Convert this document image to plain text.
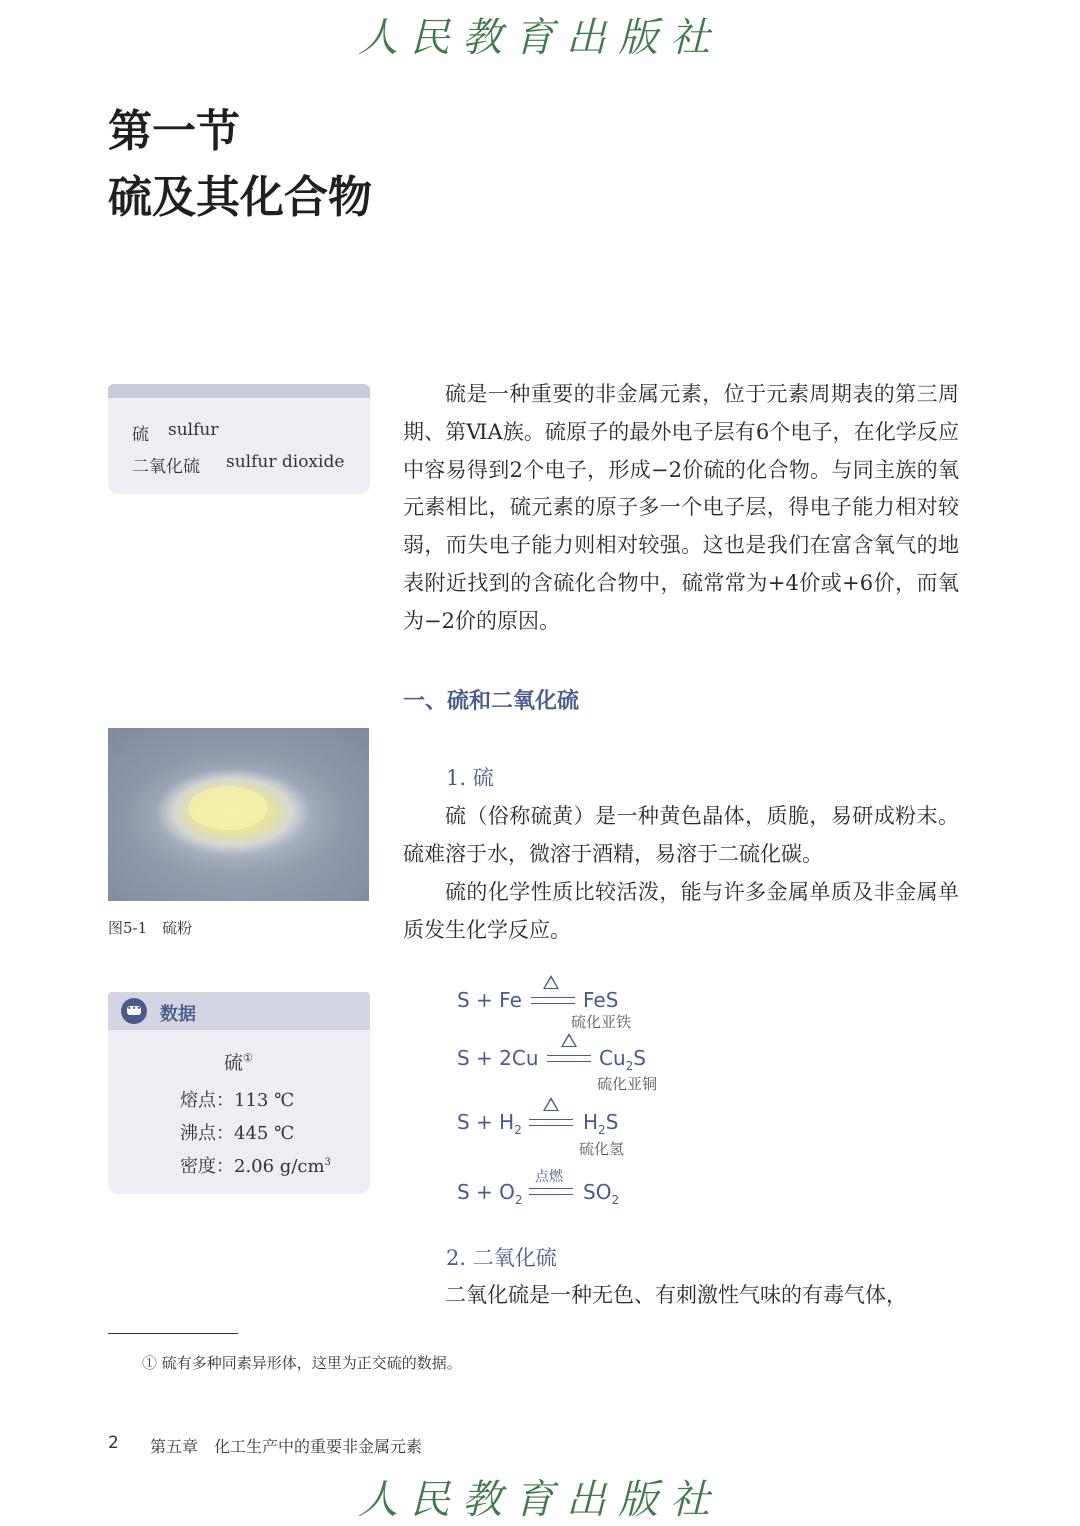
人民教育出版社
第一节
硫及其化合物
硫 sulfur
二氧化硫 sulfur dioxide
硫是一种重要的非金属元素，位于元素周期表的第三周期、第ⅥA族。硫原子的最外电子层有6个电子，在化学反应中容易得到2个电子，形成−2价硫的化合物。与同主族的氧元素相比，硫元素的原子多一个电子层，得电子能力相对较弱，而失电子能力则相对较强。这也是我们在富含氧气的地表附近找到的含硫化合物中，硫常常为+4价或+6价，而氧为−2价的原因。
一、硫和二氧化硫
图5-1　硫粉
1. 硫
硫（俗称硫黄）是一种黄色晶体，质脆，易研成粉末。硫难溶于水，微溶于酒精，易溶于二硫化碳。
硫的化学性质比较活泼，能与许多金属单质及非金属单质发生化学反应。
•••
数据
硫①
熔点：113 ℃
沸点：445 ℃
密度：2.06 $g/cm^3$
S + Fe	FeS
硫化亚铁
S + 2Cu	$Cu_2S$
硫化亚铜
$S + H_2$	$H_2S$
硫化氢
$S + O_2$
点燃
$SO_2$
2. 二氧化硫
二氧化硫是一种无色、有刺激性气味的有毒气体，
① 硫有多种同素异形体，这里为正交硫的数据。
2 第五章　化工生产中的重要非金属元素
人民教育出版社
